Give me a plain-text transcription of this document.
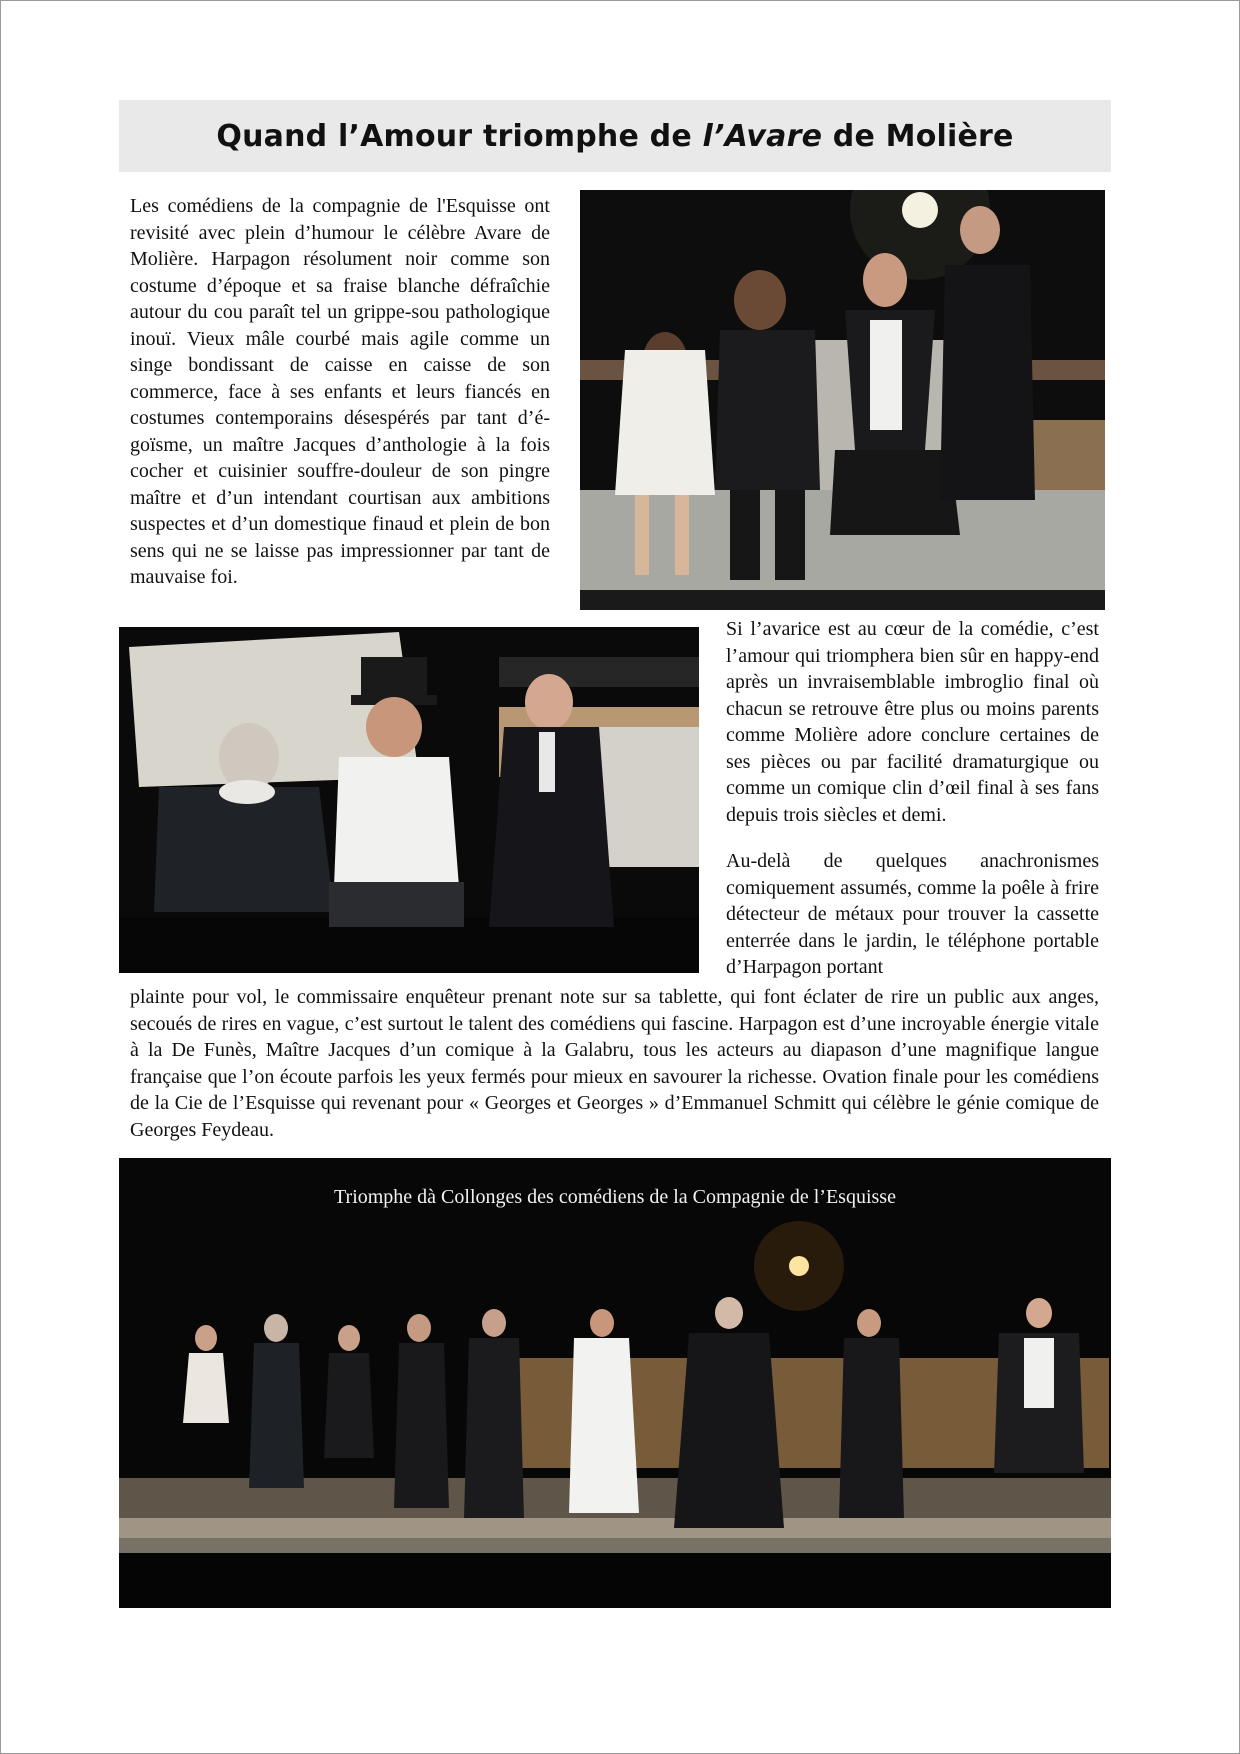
Quand l’Amour triomphe de l’Avare de Molière

Les comédiens de la compagnie de l'Esquisse ont revisité avec plein d’humour le célèbre Avare de Molière. Harpagon résolument noir comme son costume d’époque et sa fraise blanche défraîchie autour du cou paraît tel un grippe-sou pathologique inouï. Vieux mâle courbé mais agile comme un singe bondissant de caisse en caisse de son commerce, face à ses enfants et leurs fiancés en costumes contemporains désespérés par tant d’égoïsme, un maître Jacques d’anthologie à la fois cocher et cuisinier souffre-douleur de son pingre maître et d’un intendant courtisan aux ambitions suspectes et d’un domestique finaud et plein de bon sens qui ne se laisse pas impressionner par tant de mauvaise foi.

Si l’avarice est au cœur de la comédie, c’est l’amour qui triomphera bien sûr en happy-end après un invraisemblable imbroglio final où chacun se retrouve être plus ou moins parents comme Molière adore conclure certaines de ses pièces ou par facilité dramaturgique ou comme un comique clin d’œil final à ses fans depuis trois siècles et demi.

Au-delà de quelques anachronismes comiquement assumés, comme la poêle à frire détecteur de métaux pour trouver la cassette enterrée dans le jardin, le téléphone portable d’Harpagon portant

plainte pour vol, le commissaire enquêteur prenant note sur sa tablette, qui font éclater de rire un public aux anges, secoués de rires en vague, c’est surtout le talent des comédiens qui fascine. Harpagon est d’une incroyable énergie vitale à la De Funès, Maître Jacques d’un comique à la Galabru, tous les acteurs au diapason d’une magnifique langue française que l’on écoute parfois les yeux fermés pour mieux en savourer la richesse. Ovation finale pour les comédiens de la Cie de l’Esquisse qui revenant pour « Georges et Georges » d’Emmanuel Schmitt qui célèbre le génie comique de Georges Feydeau.

Triomphe dà Collonges des comédiens de la Compagnie de l’Esquisse
